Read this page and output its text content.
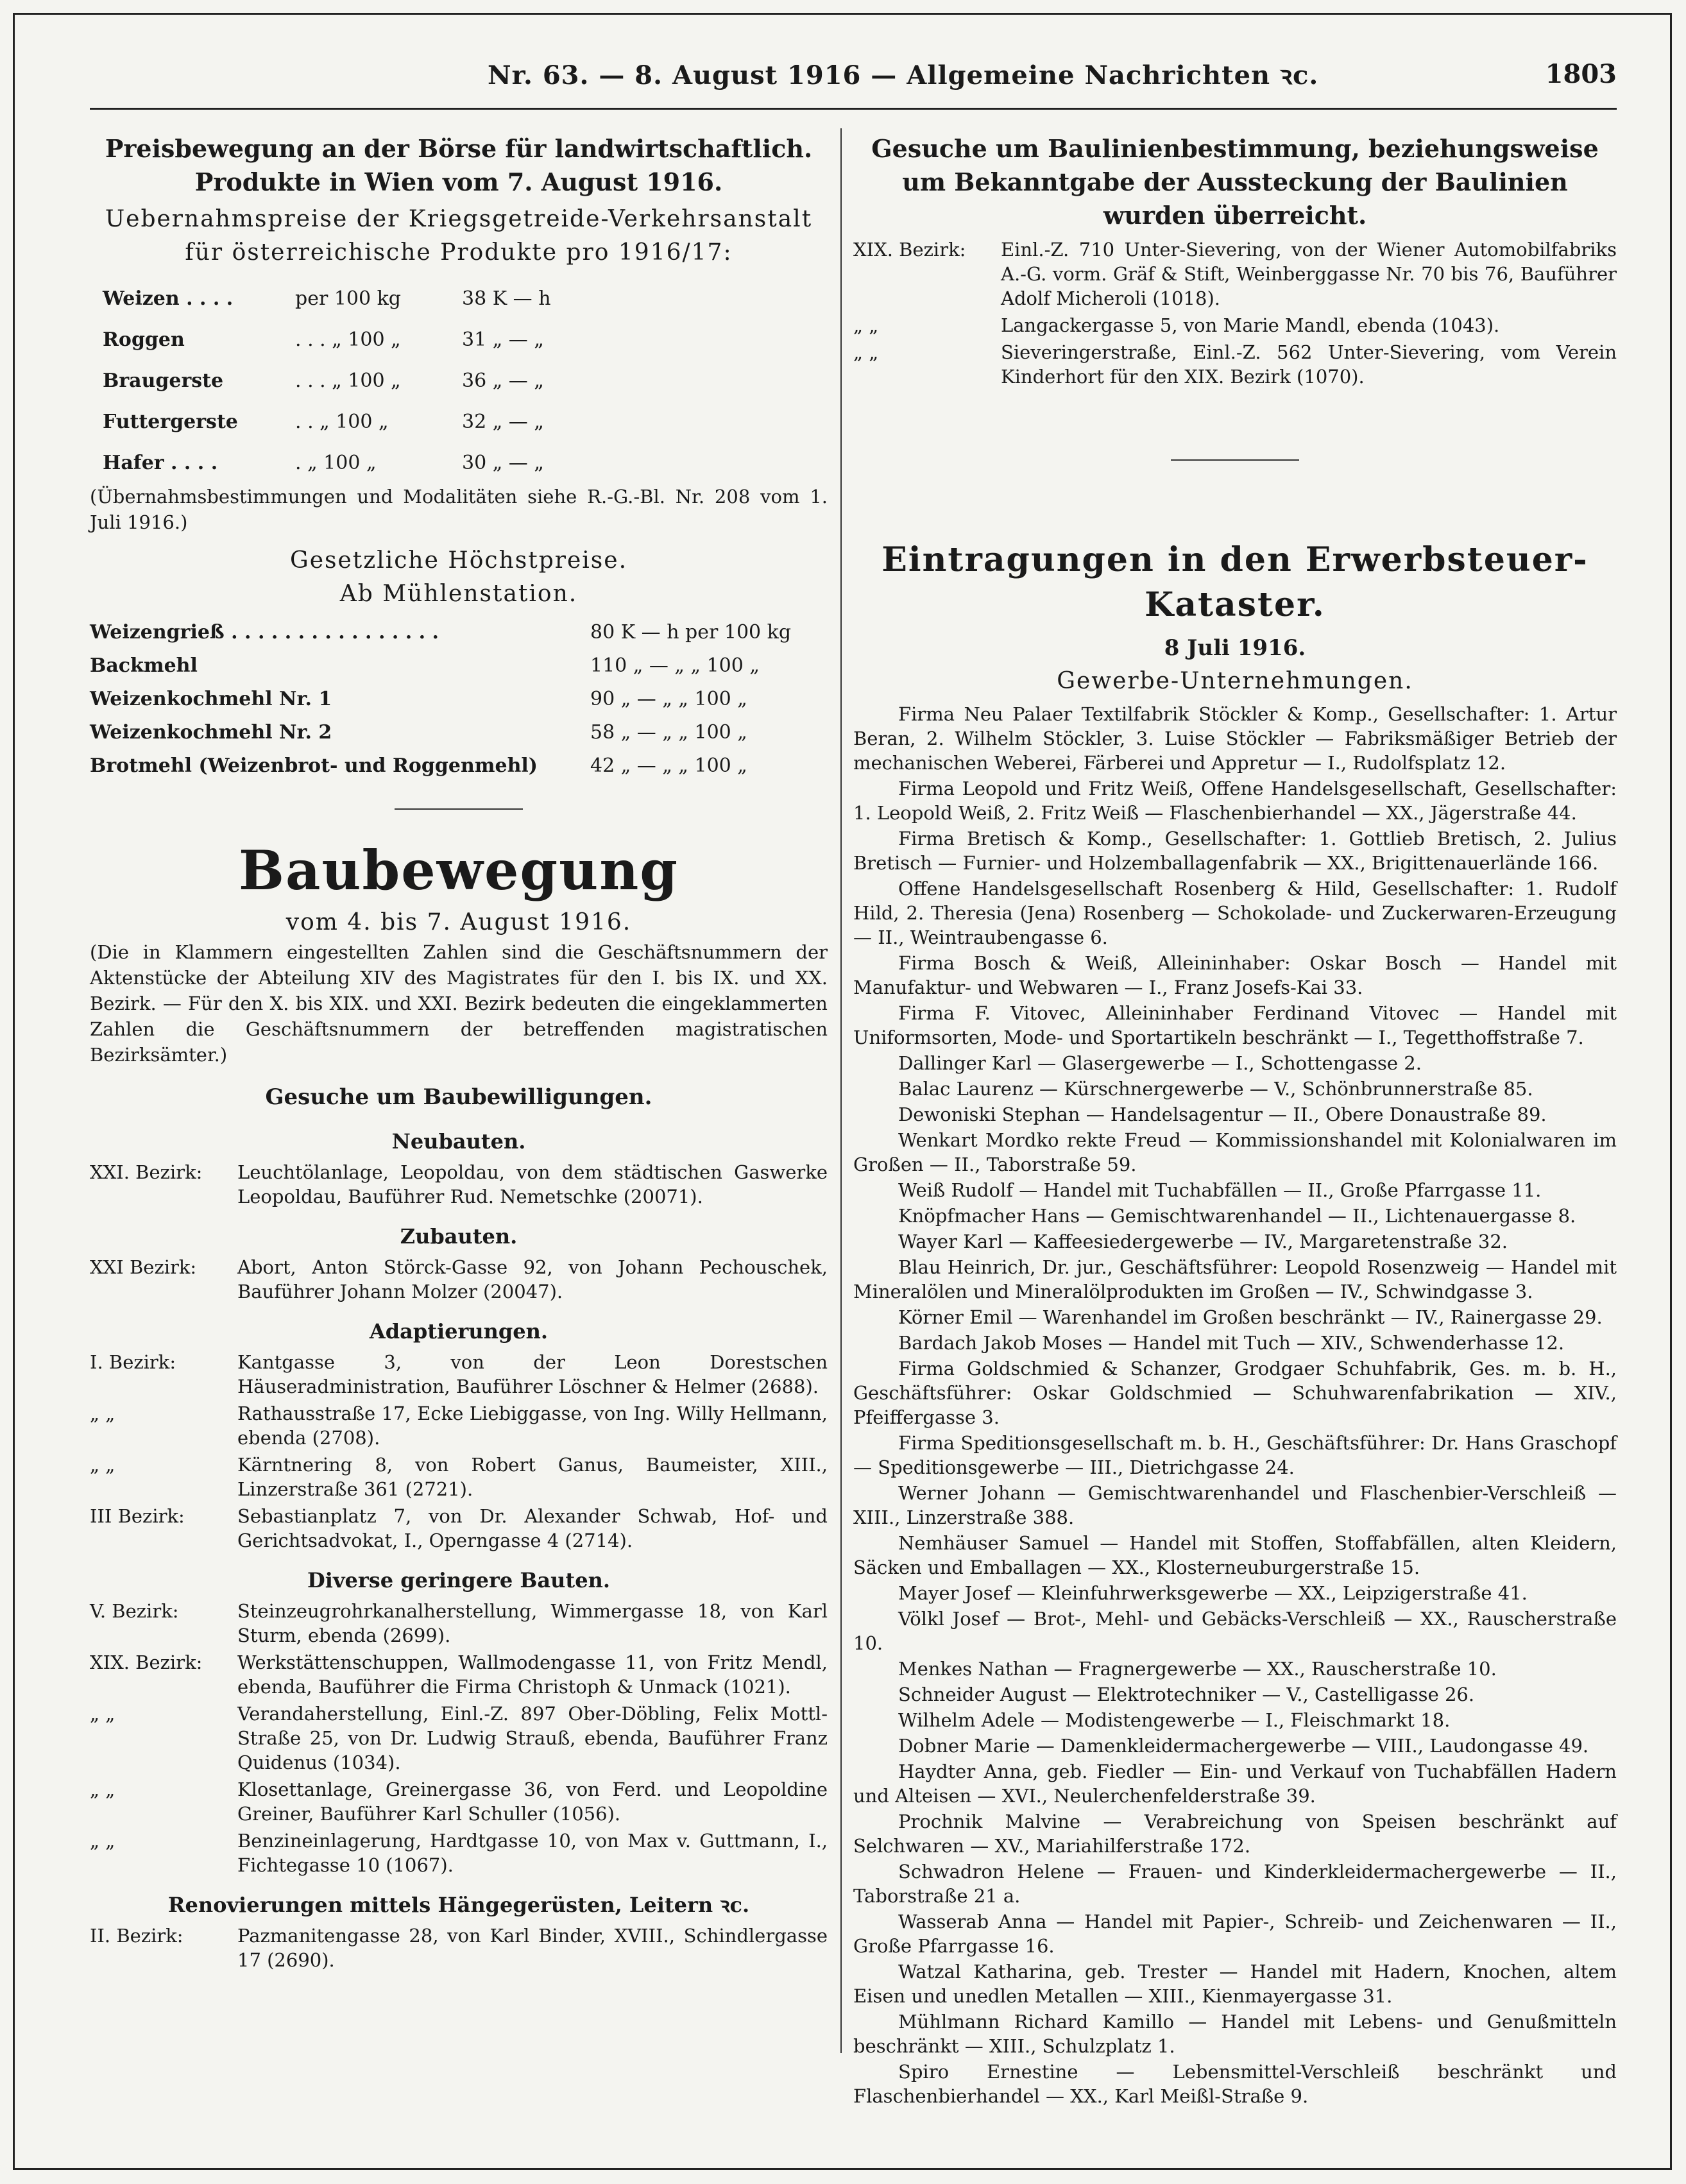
Nr. 63. — 8. August 1916 — Allgemeine Nachrichten ꝛc.	1803
Preisbewegung an der Börse für landwirtschaftlich. Produkte in Wien vom 7. August 1916.
Uebernahmspreise der Kriegsgetreide-Verkehrsanstalt für österreichische Produkte pro 1916/17:
Weizen . . . .	per 100 kg	38 K — h
Roggen	. . . „ 100 „	31 „ — „
Braugerste	. . . „ 100 „	36 „ — „
Futtergerste	. . „ 100 „	32 „ — „
Hafer . . . .	. „ 100 „	30 „ — „
(Übernahmsbestimmungen und Modalitäten siehe R.-G.-Bl. Nr. 208 vom 1. Juli 1916.)
Gesetzliche Höchstpreise.
Ab Mühlenstation.
Weizengrieß . . . . . . . . . . . . . . . .	80 K — h per 100 kg
Backmehl	110 „ — „ „ 100 „
Weizenkochmehl Nr. 1	90 „ — „ „ 100 „
Weizenkochmehl Nr. 2	58 „ — „ „ 100 „
Brotmehl (Weizenbrot- und Roggenmehl)	42 „ — „ „ 100 „
Baubewegung
vom 4. bis 7. August 1916.
(Die in Klammern eingestellten Zahlen sind die Geschäftsnummern der Aktenstücke der Abteilung XIV des Magistrates für den I. bis IX. und XX. Bezirk. — Für den X. bis XIX. und XXI. Bezirk bedeuten die eingeklammerten Zahlen die Geschäftsnummern der betreffenden magistratischen Bezirksämter.)
Gesuche um Baubewilligungen.
Neubauten.
XXI. Bezirk:	Leuchtölanlage, Leopoldau, von dem städtischen Gaswerke Leopoldau, Bauführer Rud. Nemetschke (20071).
Zubauten.
XXI Bezirk:	Abort, Anton Störck-Gasse 92, von Johann Pechouschek, Bauführer Johann Molzer (20047).
Adaptierungen.
I. Bezirk:	Kantgasse 3, von der Leon Dorestschen Häuseradministration, Bauführer Löschner & Helmer (2688).
„ „	Rathausstraße 17, Ecke Liebiggasse, von Ing. Willy Hellmann, ebenda (2708).
„ „	Kärntnering 8, von Robert Ganus, Baumeister, XIII., Linzerstraße 361 (2721).
III Bezirk:	Sebastianplatz 7, von Dr. Alexander Schwab, Hof- und Gerichtsadvokat, I., Operngasse 4 (2714).
Diverse geringere Bauten.
V. Bezirk:	Steinzeugrohrkanalherstellung, Wimmergasse 18, von Karl Sturm, ebenda (2699).
XIX. Bezirk:	Werkstättenschuppen, Wallmodengasse 11, von Fritz Mendl, ebenda, Bauführer die Firma Christoph & Unmack (1021).
„ „	Verandaherstellung, Einl.-Z. 897 Ober-Döbling, Felix Mottl-Straße 25, von Dr. Ludwig Strauß, ebenda, Bauführer Franz Quidenus (1034).
„ „	Klosettanlage, Greinergasse 36, von Ferd. und Leopoldine Greiner, Bauführer Karl Schuller (1056).
„ „	Benzineinlagerung, Hardtgasse 10, von Max v. Guttmann, I., Fichtegasse 10 (1067).
Renovierungen mittels Hängegerüsten, Leitern ꝛc.
II. Bezirk:	Pazmanitengasse 28, von Karl Binder, XVIII., Schindlergasse 17 (2690).
Gesuche um Baulinienbestimmung, beziehungsweise um Bekanntgabe der Aussteckung der Baulinien wurden überreicht.
XIX. Bezirk:	Einl.-Z. 710 Unter-Sievering, von der Wiener Automobilfabriks A.-G. vorm. Gräf & Stift, Weinberggasse Nr. 70 bis 76, Bauführer Adolf Micheroli (1018).
„ „	Langackergasse 5, von Marie Mandl, ebenda (1043).
„ „	Sieveringerstraße, Einl.-Z. 562 Unter-Sievering, vom Verein Kinderhort für den XIX. Bezirk (1070).
Eintragungen in den Erwerbsteuer-Kataster.
8 Juli 1916.
Gewerbe-Unternehmungen.
Firma Neu Palaer Textilfabrik Stöckler & Komp., Gesellschafter: 1. Artur Beran, 2. Wilhelm Stöckler, 3. Luise Stöckler — Fabriksmäßiger Betrieb der mechanischen Weberei, Färberei und Appretur — I., Rudolfsplatz 12.
Firma Leopold und Fritz Weiß, Offene Handelsgesellschaft, Gesellschafter: 1. Leopold Weiß, 2. Fritz Weiß — Flaschenbierhandel — XX., Jägerstraße 44.
Firma Bretisch & Komp., Gesellschafter: 1. Gottlieb Bretisch, 2. Julius Bretisch — Furnier- und Holzemballagenfabrik — XX., Brigittenauerlände 166.
Offene Handelsgesellschaft Rosenberg & Hild, Gesellschafter: 1. Rudolf Hild, 2. Theresia (Jena) Rosenberg — Schokolade- und Zuckerwaren-Erzeugung — II., Weintraubengasse 6.
Firma Bosch & Weiß, Alleininhaber: Oskar Bosch — Handel mit Manufaktur- und Webwaren — I., Franz Josefs-Kai 33.
Firma F. Vitovec, Alleininhaber Ferdinand Vitovec — Handel mit Uniformsorten, Mode- und Sportartikeln beschränkt — I., Tegetthoffstraße 7.
Dallinger Karl — Glasergewerbe — I., Schottengasse 2.
Balac Laurenz — Kürschnergewerbe — V., Schönbrunnerstraße 85.
Dewoniski Stephan — Handelsagentur — II., Obere Donaustraße 89.
Wenkart Mordko rekte Freud — Kommissionshandel mit Kolonialwaren im Großen — II., Taborstraße 59.
Weiß Rudolf — Handel mit Tuchabfällen — II., Große Pfarrgasse 11.
Knöpfmacher Hans — Gemischtwarenhandel — II., Lichtenauergasse 8.
Wayer Karl — Kaffeesiedergewerbe — IV., Margaretenstraße 32.
Blau Heinrich, Dr. jur., Geschäftsführer: Leopold Rosenzweig — Handel mit Mineralölen und Mineralölprodukten im Großen — IV., Schwindgasse 3.
Körner Emil — Warenhandel im Großen beschränkt — IV., Rainergasse 29.
Bardach Jakob Moses — Handel mit Tuch — XIV., Schwenderhasse 12.
Firma Goldschmied & Schanzer, Grodgaer Schuhfabrik, Ges. m. b. H., Geschäftsführer: Oskar Goldschmied — Schuhwarenfabrikation — XIV., Pfeiffergasse 3.
Firma Speditionsgesellschaft m. b. H., Geschäftsführer: Dr. Hans Graschopf — Speditionsgewerbe — III., Dietrichgasse 24.
Werner Johann — Gemischtwarenhandel und Flaschenbier-Verschleiß — XIII., Linzerstraße 388.
Nemhäuser Samuel — Handel mit Stoffen, Stoffabfällen, alten Kleidern, Säcken und Emballagen — XX., Klosterneuburgerstraße 15.
Mayer Josef — Kleinfuhrwerksgewerbe — XX., Leipzigerstraße 41.
Völkl Josef — Brot-, Mehl- und Gebäcks-Verschleiß — XX., Rauscherstraße 10.
Menkes Nathan — Fragnergewerbe — XX., Rauscherstraße 10.
Schneider August — Elektrotechniker — V., Castelligasse 26.
Wilhelm Adele — Modistengewerbe — I., Fleischmarkt 18.
Dobner Marie — Damenkleidermachergewerbe — VIII., Laudongasse 49.
Haydter Anna, geb. Fiedler — Ein- und Verkauf von Tuchabfällen Hadern und Alteisen — XVI., Neulerchenfelderstraße 39.
Prochnik Malvine — Verabreichung von Speisen beschränkt auf Selchwaren — XV., Mariahilferstraße 172.
Schwadron Helene — Frauen- und Kinderkleidermachergewerbe — II., Taborstraße 21 a.
Wasserab Anna — Handel mit Papier-, Schreib- und Zeichenwaren — II., Große Pfarrgasse 16.
Watzal Katharina, geb. Trester — Handel mit Hadern, Knochen, altem Eisen und unedlen Metallen — XIII., Kienmayergasse 31.
Mühlmann Richard Kamillo — Handel mit Lebens- und Genußmitteln beschränkt — XIII., Schulzplatz 1.
Spiro Ernestine — Lebensmittel-Verschleiß beschränkt und Flaschenbierhandel — XX., Karl Meißl-Straße 9.
